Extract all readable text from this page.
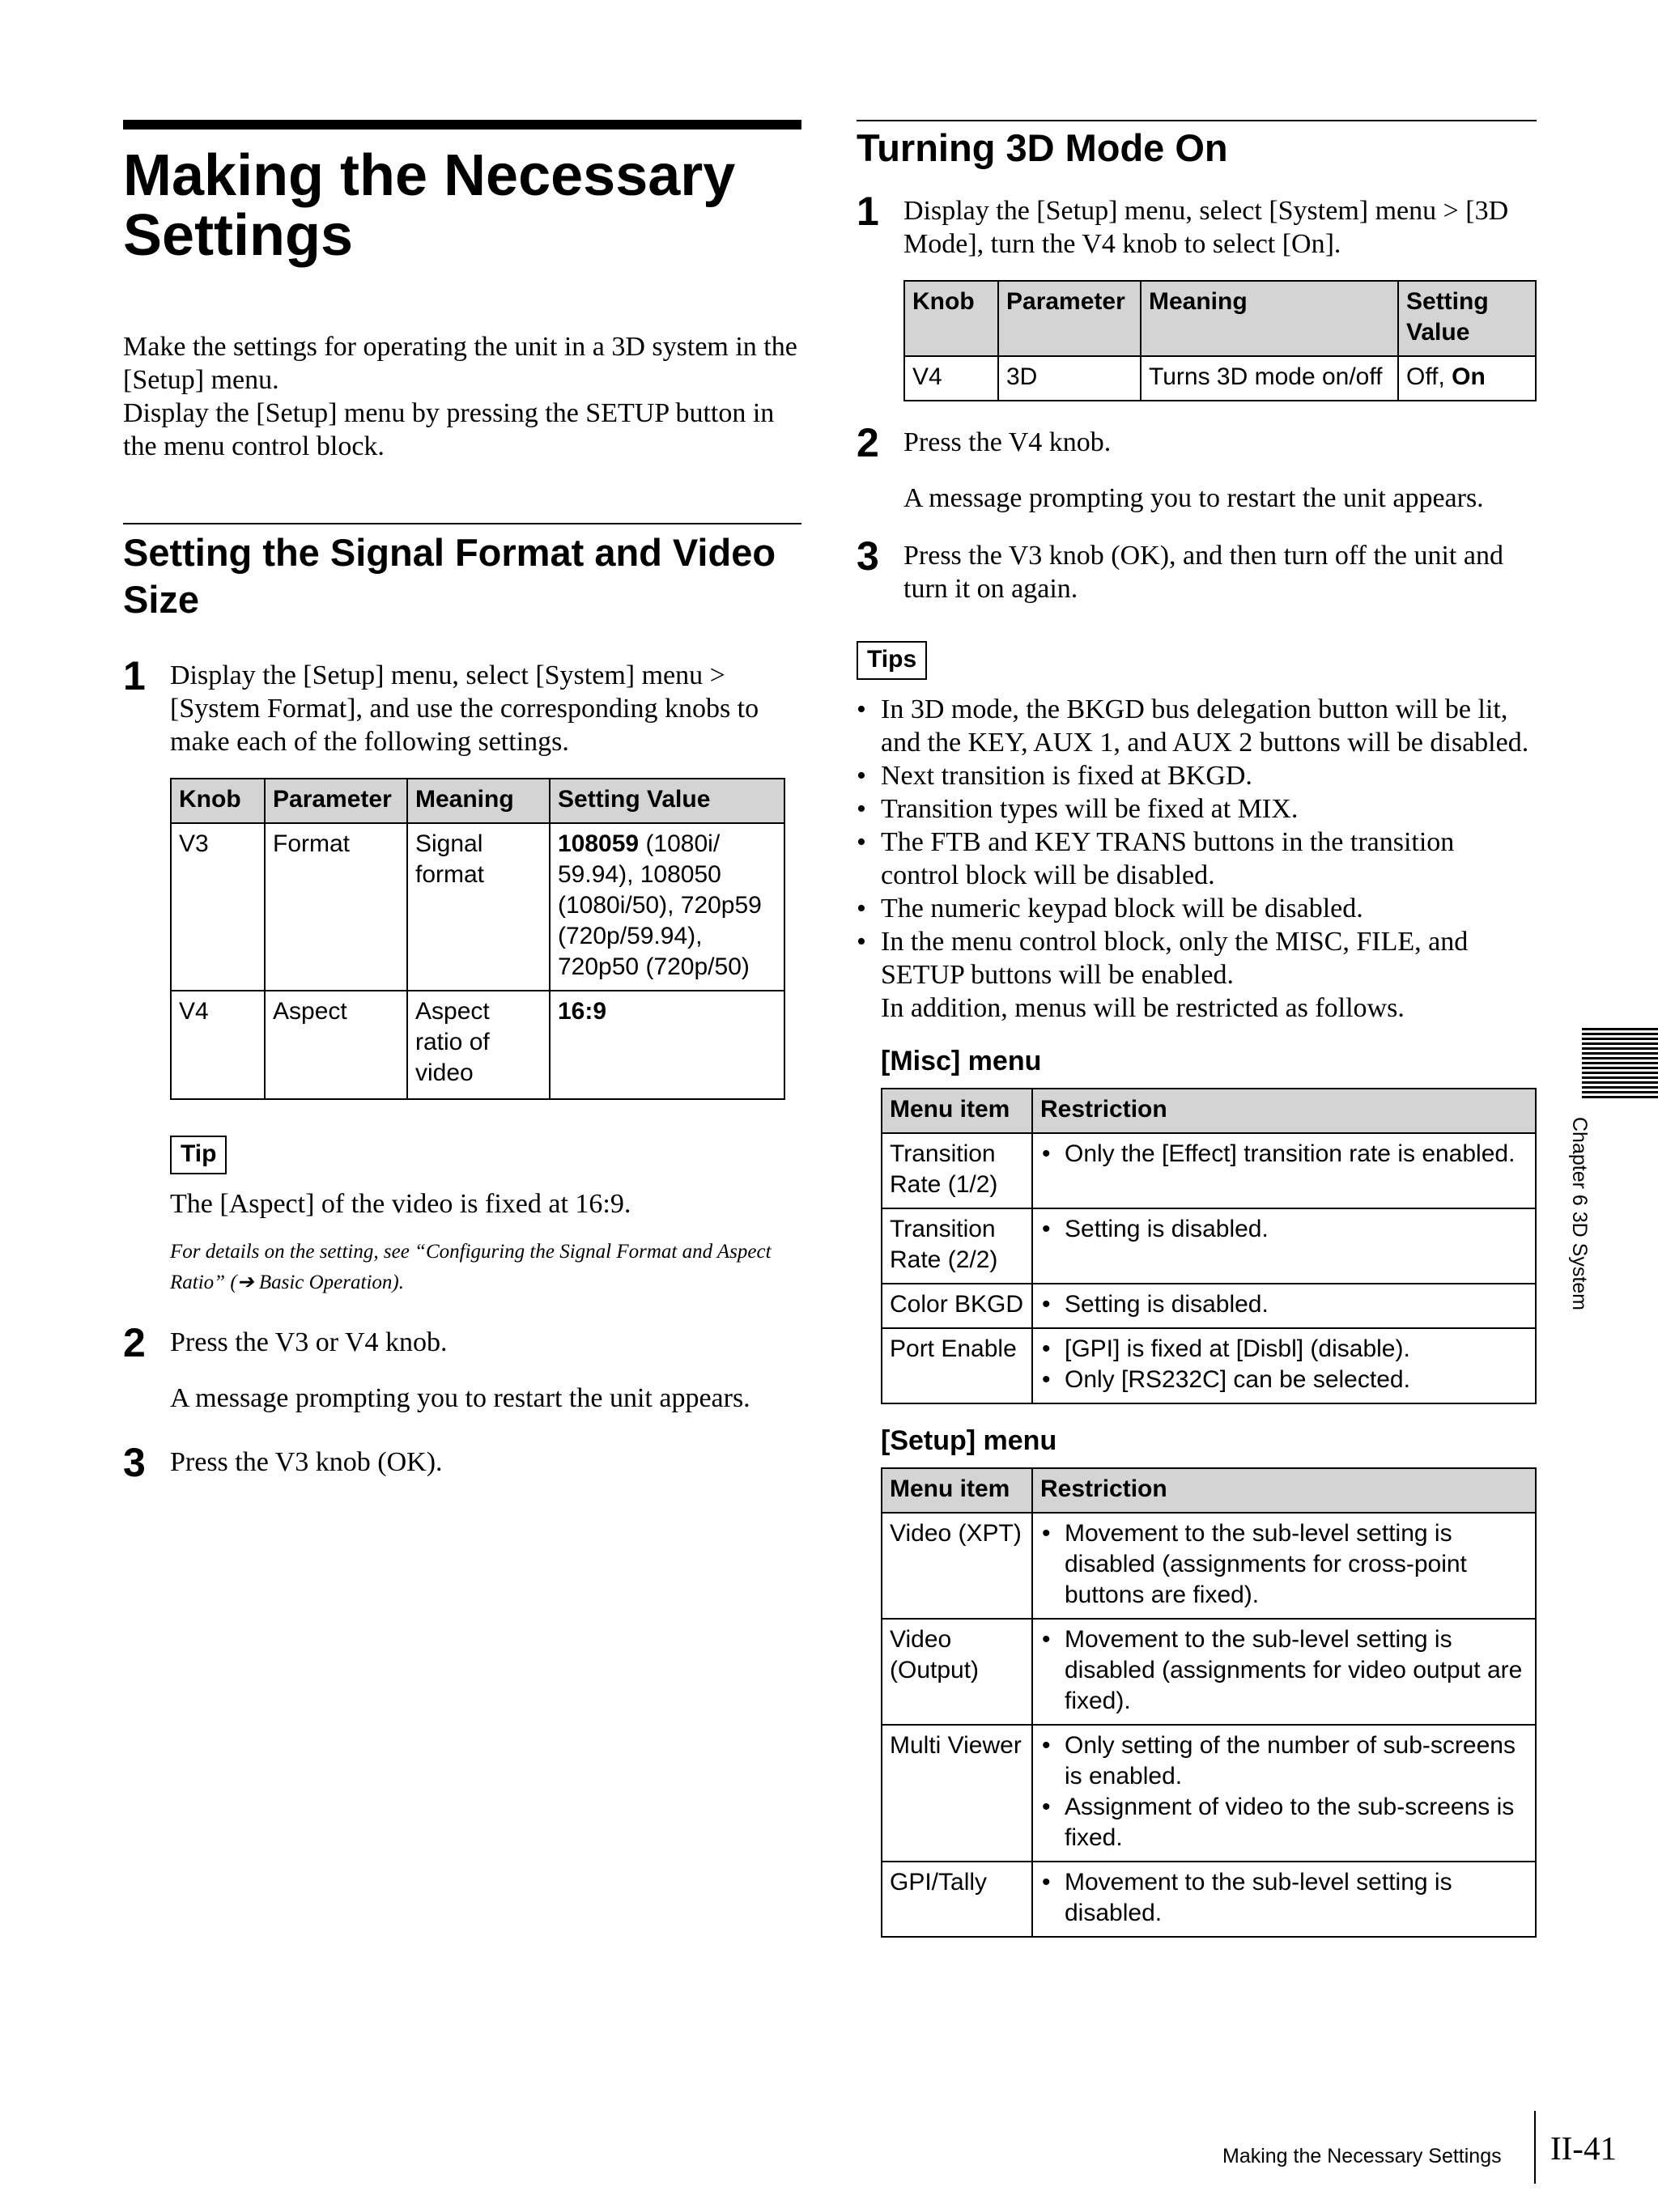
Making the Necessary
Settings

Make the settings for operating the unit in a 3D system in the [Setup] menu.

Display the [Setup] menu by pressing the SETUP button in the menu control block.

Setting the Signal Format and Video
Size
1 Display the [Setup] menu, select [System] menu > [System Format], and use the corresponding knobs to make each of the following settings.

Knob	Parameter	Meaning	Setting Value
V3	Format	Signal format	108059 (1080i/ 59.94), 108050 (1080i/50), 720p59 (720p/59.94), 720p50 (720p/50)
V4	Aspect	Aspect ratio of video	16:9
Tip

The [Aspect] of the video is fixed at 16:9.

For details on the setting, see “Configuring the Signal Format and Aspect Ratio” (➔ Basic Operation).

2 Press the V3 or V4 knob.

A message prompting you to restart the unit appears.

3 Press the V3 knob (OK).

Turning 3D Mode On
1 Display the [Setup] menu, select [System] menu > [3D Mode], turn the V4 knob to select [On].

Knob	Parameter	Meaning	Setting Value
V4	3D	Turns 3D mode on/off	Off, On
2 Press the V4 knob.

A message prompting you to restart the unit appears.

3 Press the V3 knob (OK), and then turn off the unit and turn it on again.

Tips
• In 3D mode, the BKGD bus delegation button will be lit, and the KEY, AUX 1, and AUX 2 buttons will be disabled.
• Next transition is fixed at BKGD.
• Transition types will be fixed at MIX.
• The FTB and KEY TRANS buttons in the transition control block will be disabled.
• The numeric keypad block will be disabled.
• In the menu control block, only the MISC, FILE, and SETUP buttons will be enabled.

In addition, menus will be restricted as follows.

[Misc] menu
Menu item	Restriction
Transition Rate (1/2)	• Only the [Effect] transition rate is enabled.

Transition Rate (2/2)	• Setting is disabled.

Color BKGD	• Setting is disabled.

Port Enable	• [GPI] is fixed at [Disbl] (disable).
• Only [RS232C] can be selected.
[Setup] menu
Menu item	Restriction
Video (XPT)	• Movement to the sub-level setting is disabled (assignments for cross-point buttons are fixed).

Video (Output)	• Movement to the sub-level setting is disabled (assignments for video output are fixed).

Multi Viewer	• Only setting of the number of sub-screens is enabled.
• Assignment of video to the sub-screens is fixed.

GPI/Tally	• Movement to the sub-level setting is disabled.
Chapter 6 3D System
Making the Necessary Settings II-41
